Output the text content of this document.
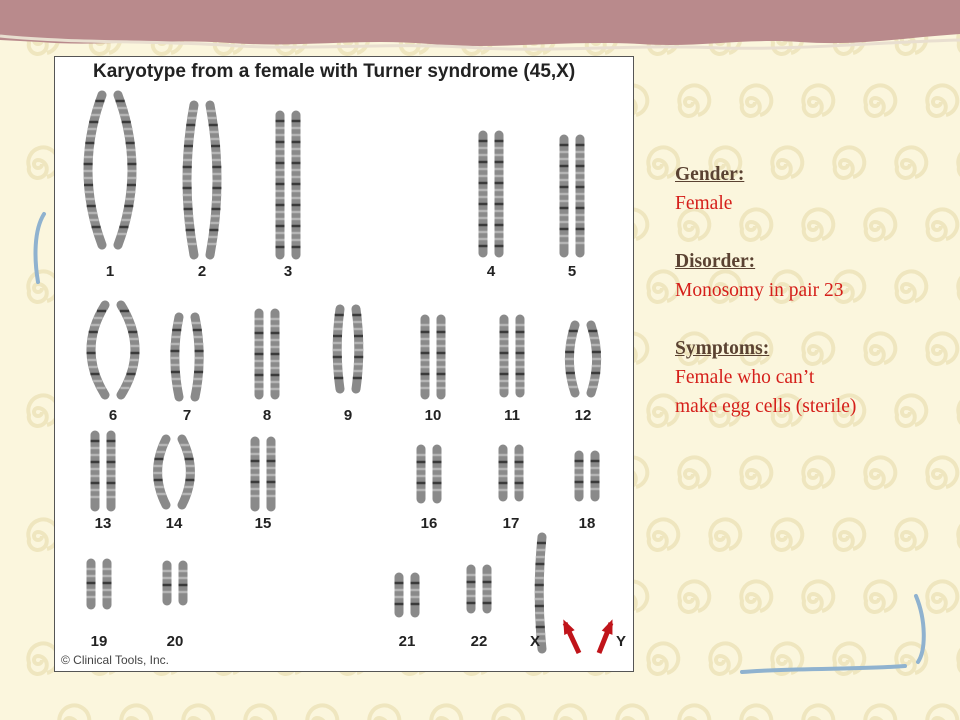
Karyotype from a female with Turner syndrome (45,X)
1	2	3	4	5
6	7	8	9	10	11	12
13	14	15	16	17	18
19	20	21	22	X	Y
© Clinical Tools, Inc.
Gender:
Female
Disorder:
Monosomy in pair 23
Symptoms:
Female who can’t
make egg cells (sterile)
